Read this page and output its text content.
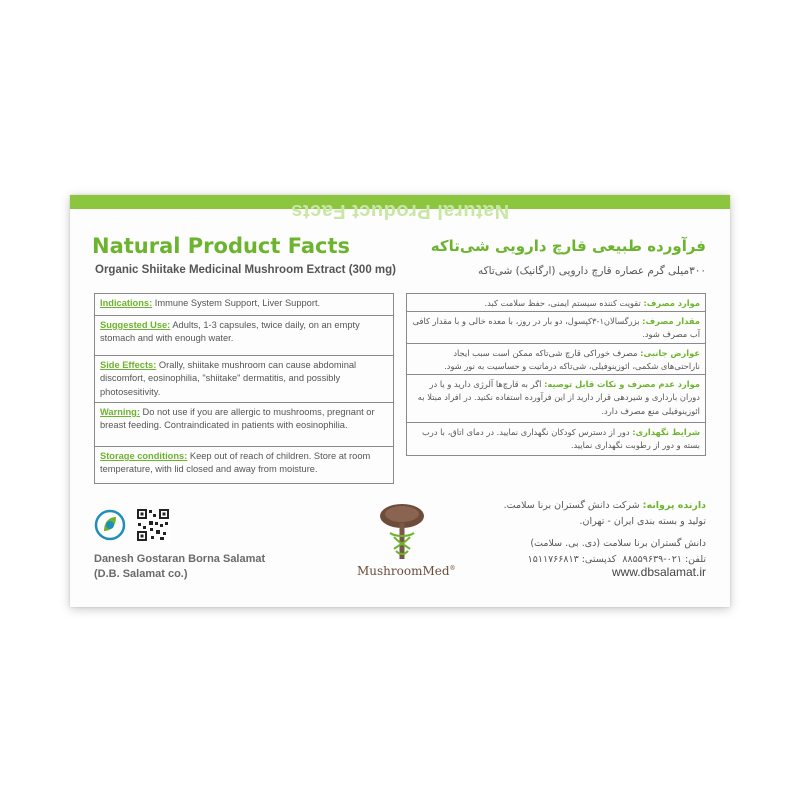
Natural Product Facts
Natural Product Facts
Organic Shiitake Medicinal Mushroom Extract (300 mg)
فرآورده طبیعی قارچ دارویی شی‌تاکه
۳۰۰میلی گرم عصاره قارچ دارویی (ارگانیک) شی‌تاکه
Indications: Immune System Support, Liver Support.
Suggested Use: Adults, 1-3 capsules, twice daily, on an empty stomach and with enough water.
Side Effects: Orally, shiitake mushroom can cause abdominal discomfort, eosinophilia, "shiitake" dermatitis, and possibly photosesitivity.
Warning: Do not use if you are allergic to mushrooms, pregnant or breast feeding. Contraindicated in patients with eosinophilia.
Storage conditions: Keep out of reach of children. Store at room temperature, with lid closed and away from moisture.
موارد مصرف: تقویت کننده سیستم ایمنی، حفظ سلامت کبد.
مقدار مصرف: بزرگسالان۱-۳کپسول، دو بار در روز، با معده خالی و با مقدار کافی آب مصرف شود.
عوارض جانبی: مصرف خوراکی قارچ شی‌تاکه ممکن است سبب ایجاد ناراحتی‌های شکمی، ائوزینوفیلی، شی‌تاکه درماتیت و حساسیت به نور شود.
موارد عدم مصرف و نکات قابل توصیه: اگر به قارچ‌ها آلرژی دارید و یا در دوران بارداری و شیردهی قرار دارید از این فرآورده استفاده نکنید. در افراد مبتلا به ائوزینوفیلی منع مصرف دارد.
شرایط نگهداری: دور از دسترس کودکان نگهداری نمایید. در دمای اتاق، با درب بسته و دور از رطوبت نگهداری نمایید.
Danesh Gostaran Borna Salamat
(D.B. Salamat co.)	MushroomMed®
دارنده پروانه: شرکت دانش گستران برنا سلامت.
تولید و بسته بندی ایران - تهران.
دانش گستران برنا سلامت (دی. بی. سلامت)
تلفن: ۰۲۱-۸۸۵۵۹۶۳۹  کدپستی: ۱۵۱۱۷۶۶۸۱۳
www.dbsalamat.ir
